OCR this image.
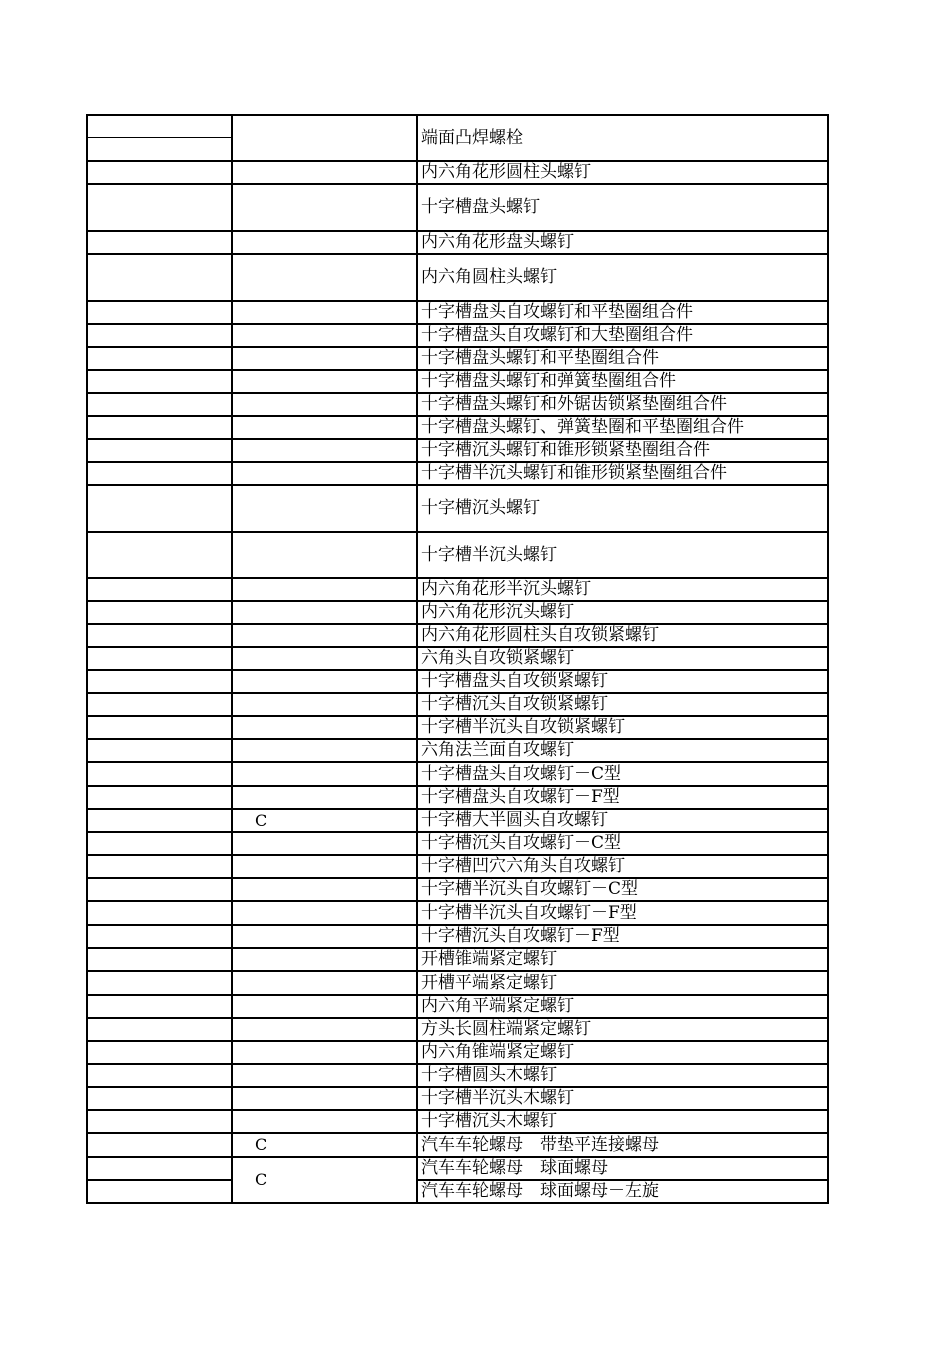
端面凸焊螺栓
内六角花形圆柱头螺钉
十字槽盘头螺钉
内六角花形盘头螺钉
内六角圆柱头螺钉
十字槽盘头自攻螺钉和平垫圈组合件
十字槽盘头自攻螺钉和大垫圈组合件
十字槽盘头螺钉和平垫圈组合件
十字槽盘头螺钉和弹簧垫圈组合件
十字槽盘头螺钉和外锯齿锁紧垫圈组合件
十字槽盘头螺钉、弹簧垫圈和平垫圈组合件
十字槽沉头螺钉和锥形锁紧垫圈组合件
十字槽半沉头螺钉和锥形锁紧垫圈组合件
十字槽沉头螺钉
十字槽半沉头螺钉
内六角花形半沉头螺钉
内六角花形沉头螺钉
内六角花形圆柱头自攻锁紧螺钉
六角头自攻锁紧螺钉
十字槽盘头自攻锁紧螺钉
十字槽沉头自攻锁紧螺钉
十字槽半沉头自攻锁紧螺钉
六角法兰面自攻螺钉
十字槽盘头自攻螺钉－C型
十字槽盘头自攻螺钉－F型
C	十字槽大半圆头自攻螺钉
十字槽沉头自攻螺钉－C型
十字槽凹穴六角头自攻螺钉
十字槽半沉头自攻螺钉－C型
十字槽半沉头自攻螺钉－F型
十字槽沉头自攻螺钉－F型
开槽锥端紧定螺钉
开槽平端紧定螺钉
内六角平端紧定螺钉
方头长圆柱端紧定螺钉
内六角锥端紧定螺钉
十字槽圆头木螺钉
十字槽半沉头木螺钉
十字槽沉头木螺钉
C	汽车车轮螺母　带垫平连接螺母
C
汽车车轮螺母　球面螺母
汽车车轮螺母　球面螺母－左旋
